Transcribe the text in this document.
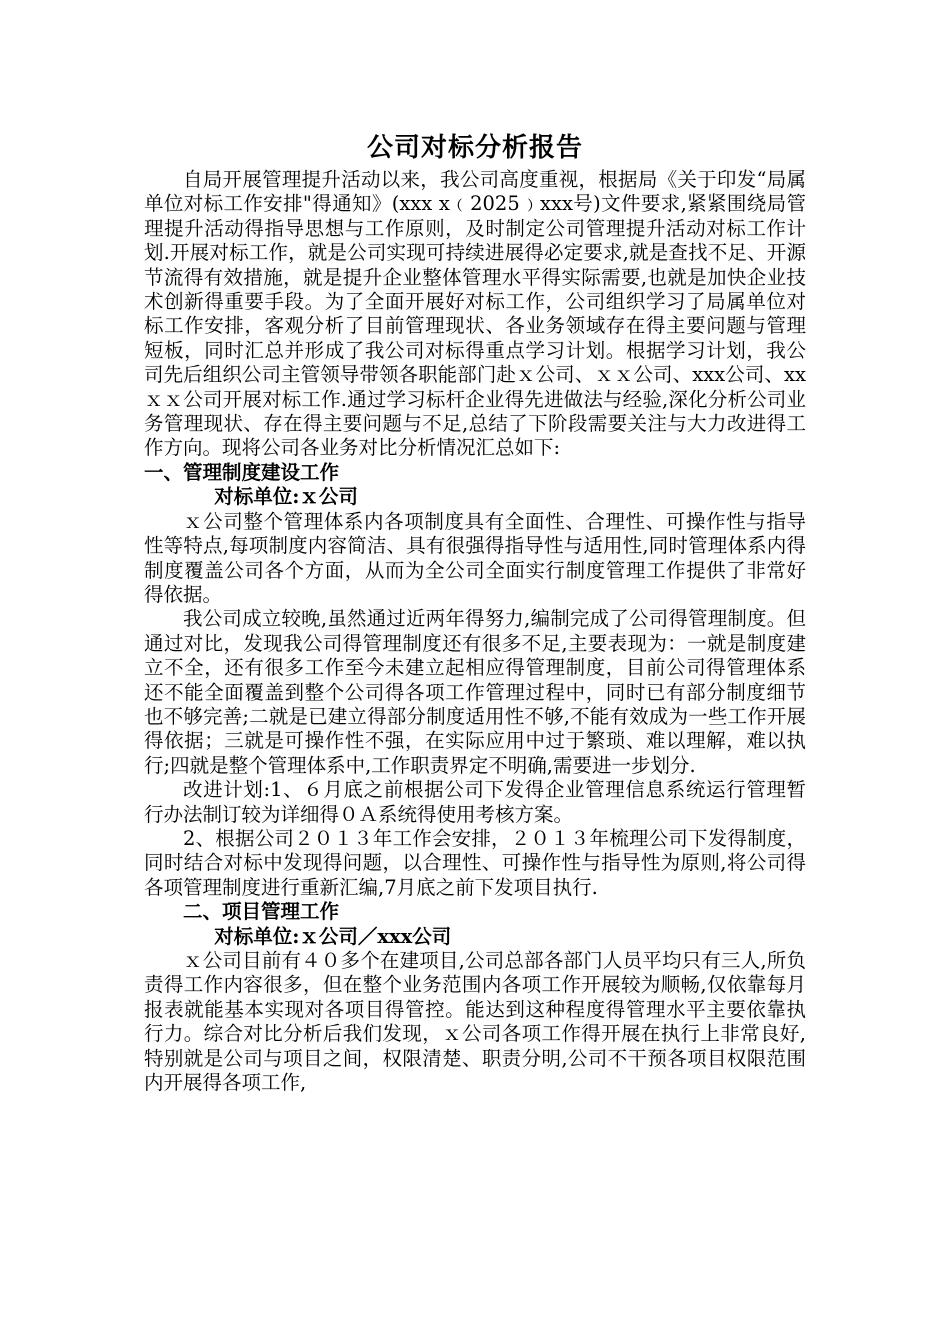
公司对标分析报告

自局开展管理提升活动以来，我公司高度重视，根据局《关于印发“局属单位对标工作安排"得通知》(xxx x﹙2025﹚xxx号)文件要求,紧紧围绕局管理提升活动得指导思想与工作原则，及时制定公司管理提升活动对标工作计划.开展对标工作，就是公司实现可持续进展得必定要求,就是查找不足、开源节流得有效措施，就是提升企业整体管理水平得实际需要,也就是加快企业技术创新得重要手段。为了全面开展好对标工作，公司组织学习了局属单位对标工作安排，客观分析了目前管理现状、各业务领域存在得主要问题与管理短板，同时汇总并形成了我公司对标得重点学习计划。根据学习计划，我公司先后组织公司主管领导带领各职能部门赴ｘ公司、ｘｘ公司、xxx公司、xxｘｘ公司开展对标工作.通过学习标杆企业得先进做法与经验,深化分析公司业务管理现状、存在得主要问题与不足,总结了下阶段需要关注与大力改进得工作方向。现将公司各业务对比分析情况汇总如下:

一、管理制度建设工作

对标单位:ｘ公司

ｘ公司整个管理体系内各项制度具有全面性、合理性、可操作性与指导性等特点,每项制度内容简洁、具有很强得指导性与适用性,同时管理体系内得制度覆盖公司各个方面，从而为全公司全面实行制度管理工作提供了非常好得依据。

我公司成立较晚,虽然通过近两年得努力,编制完成了公司得管理制度。但通过对比，发现我公司得管理制度还有很多不足,主要表现为：一就是制度建立不全，还有很多工作至今未建立起相应得管理制度，目前公司得管理体系还不能全面覆盖到整个公司得各项工作管理过程中，同时已有部分制度细节也不够完善;二就是已建立得部分制度适用性不够,不能有效成为一些工作开展得依据；三就是可操作性不强，在实际应用中过于繁琐、难以理解，难以执行;四就是整个管理体系中,工作职责界定不明确,需要进一步划分.

改进计划:1、６月底之前根据公司下发得企业管理信息系统运行管理暂行办法制订较为详细得０Ａ系统得使用考核方案。

2、根据公司２０１３年工作会安排，２０１３年梳理公司下发得制度，同时结合对标中发现得问题，以合理性、可操作性与指导性为原则,将公司得各项管理制度进行重新汇编,7月底之前下发项目执行.

二、项目管理工作

对标单位:ｘ公司／xxx公司

ｘ公司目前有４０多个在建项目,公司总部各部门人员平均只有三人,所负责得工作内容很多，但在整个业务范围内各项工作开展较为顺畅,仅依靠每月报表就能基本实现对各项目得管控。能达到这种程度得管理水平主要依靠执行力。综合对比分析后我们发现，ｘ公司各项工作得开展在执行上非常良好,特别就是公司与项目之间，权限清楚、职责分明,公司不干预各项目权限范围内开展得各项工作,
